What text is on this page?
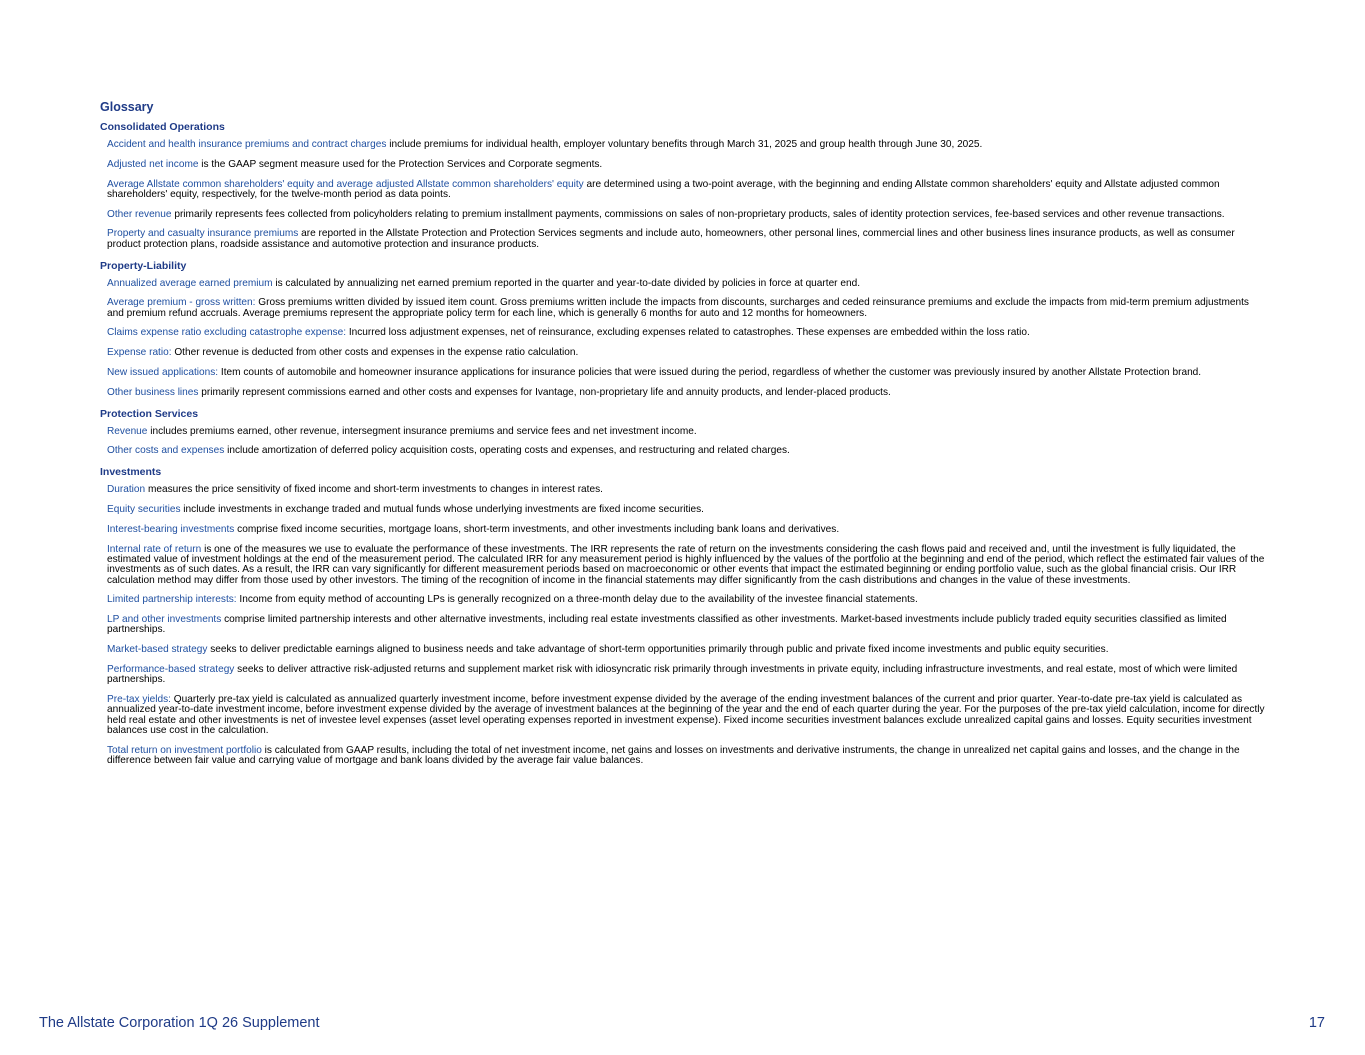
Glossary
Consolidated Operations
Accident and health insurance premiums and contract charges include premiums for individual health, employer voluntary benefits through March 31, 2025 and group health through June 30, 2025.
Adjusted net income is the GAAP segment measure used for the Protection Services and Corporate segments.
Average Allstate common shareholders' equity and average adjusted Allstate common shareholders' equity are determined using a two-point average, with the beginning and ending Allstate common shareholders' equity and Allstate adjusted common shareholders' equity, respectively, for the twelve-month period as data points.
Other revenue primarily represents fees collected from policyholders relating to premium installment payments, commissions on sales of non-proprietary products, sales of identity protection services, fee-based services and other revenue transactions.
Property and casualty insurance premiums are reported in the Allstate Protection and Protection Services segments and include auto, homeowners, other personal lines, commercial lines and other business lines insurance products, as well as consumer product protection plans, roadside assistance and automotive protection and insurance products.
Property-Liability
Annualized average earned premium is calculated by annualizing net earned premium reported in the quarter and year-to-date divided by policies in force at quarter end.
Average premium - gross written: Gross premiums written divided by issued item count. Gross premiums written include the impacts from discounts, surcharges and ceded reinsurance premiums and exclude the impacts from mid-term premium adjustments and premium refund accruals. Average premiums represent the appropriate policy term for each line, which is generally 6 months for auto and 12 months for homeowners.
Claims expense ratio excluding catastrophe expense: Incurred loss adjustment expenses, net of reinsurance, excluding expenses related to catastrophes. These expenses are embedded within the loss ratio.
Expense ratio: Other revenue is deducted from other costs and expenses in the expense ratio calculation.
New issued applications: Item counts of automobile and homeowner insurance applications for insurance policies that were issued during the period, regardless of whether the customer was previously insured by another Allstate Protection brand.
Other business lines primarily represent commissions earned and other costs and expenses for Ivantage, non-proprietary life and annuity products, and lender-placed products.
Protection Services
Revenue includes premiums earned, other revenue, intersegment insurance premiums and service fees and net investment income.
Other costs and expenses include amortization of deferred policy acquisition costs, operating costs and expenses, and restructuring and related charges.
Investments
Duration measures the price sensitivity of fixed income and short-term investments to changes in interest rates.
Equity securities include investments in exchange traded and mutual funds whose underlying investments are fixed income securities.
Interest-bearing investments comprise fixed income securities, mortgage loans, short-term investments, and other investments including bank loans and derivatives.
Internal rate of return is one of the measures we use to evaluate the performance of these investments. The IRR represents the rate of return on the investments considering the cash flows paid and received and, until the investment is fully liquidated, the estimated value of investment holdings at the end of the measurement period. The calculated IRR for any measurement period is highly influenced by the values of the portfolio at the beginning and end of the period, which reflect the estimated fair values of the investments as of such dates. As a result, the IRR can vary significantly for different measurement periods based on macroeconomic or other events that impact the estimated beginning or ending portfolio value, such as the global financial crisis. Our IRR calculation method may differ from those used by other investors. The timing of the recognition of income in the financial statements may differ significantly from the cash distributions and changes in the value of these investments.
Limited partnership interests: Income from equity method of accounting LPs is generally recognized on a three-month delay due to the availability of the investee financial statements.
LP and other investments comprise limited partnership interests and other alternative investments, including real estate investments classified as other investments. Market-based investments include publicly traded equity securities classified as limited partnerships.
Market-based strategy seeks to deliver predictable earnings aligned to business needs and take advantage of short-term opportunities primarily through public and private fixed income investments and public equity securities.
Performance-based strategy seeks to deliver attractive risk-adjusted returns and supplement market risk with idiosyncratic risk primarily through investments in private equity, including infrastructure investments, and real estate, most of which were limited partnerships.
Pre-tax yields: Quarterly pre-tax yield is calculated as annualized quarterly investment income, before investment expense divided by the average of the ending investment balances of the current and prior quarter. Year-to-date pre-tax yield is calculated as annualized year-to-date investment income, before investment expense divided by the average of investment balances at the beginning of the year and the end of each quarter during the year. For the purposes of the pre-tax yield calculation, income for directly held real estate and other investments is net of investee level expenses (asset level operating expenses reported in investment expense). Fixed income securities investment balances exclude unrealized capital gains and losses. Equity securities investment balances use cost in the calculation.
Total return on investment portfolio is calculated from GAAP results, including the total of net investment income, net gains and losses on investments and derivative instruments, the change in unrealized net capital gains and losses, and the change in the difference between fair value and carrying value of mortgage and bank loans divided by the average fair value balances.
The Allstate Corporation 1Q 26 Supplement	17
